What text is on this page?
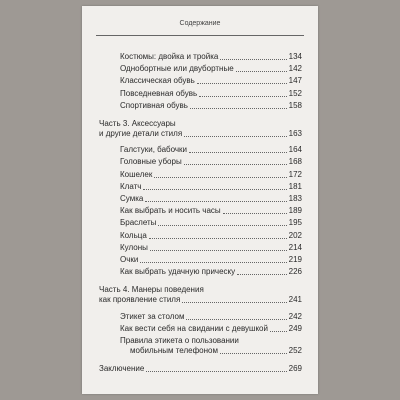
Содержание
Костюмы: двойка и тройка	134
Однобортные или двубортные	142
Классическая обувь	147
Повседневная обувь	152
Спортивная обувь	158
Часть 3. Аксессуары
и другие детали стиля	163
Галстуки, бабочки	164
Головные уборы	168
Кошелек	172
Клатч	181
Сумка	183
Как выбрать и носить часы	189
Браслеты	195
Кольца	202
Кулоны	214
Очки	219
Как выбрать удачную прическу	226
Часть 4. Манеры поведения
как проявление стиля	241
Этикет за столом	242
Как вести себя на свидании с девушкой	249
Правила этикета о пользовании
мобильным телефоном	252
Заключение	269
